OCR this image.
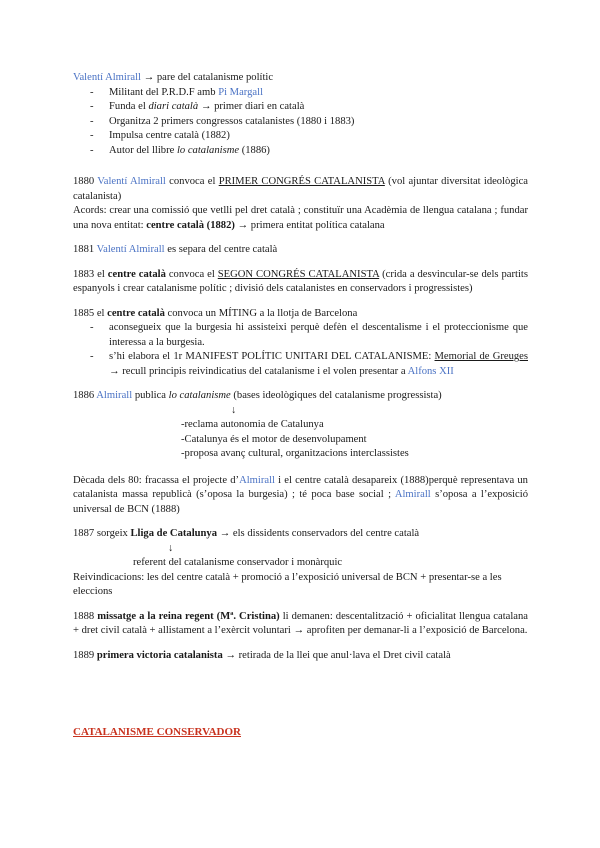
Valentí Almirall → pare del catalanisme polític

- Militant del P.R.D.F amb Pi Margall
- Funda el diari català → primer diari en català
- Organitza 2 primers congressos catalanistes (1880 i 1883)
- Impulsa centre català (1882)
- Autor del llibre lo catalanisme (1886)

1880 Valentí Almirall convoca el PRIMER CONGRÉS CATALANISTA (vol ajuntar diversitat ideològica catalanista)

Acords: crear una comissió que vetlli pel dret català ; constituïr una Acadèmia de llengua catalana ; fundar una nova entitat: centre català (1882) → primera entitat política catalana

1881 Valentí Almirall es separa del centre català

1883 el centre català convoca el SEGON CONGRÉS CATALANISTA (crida a desvincular-se dels partits espanyols i crear catalanisme polític ; divisió dels catalanistes en conservadors i progressistes)

1885 el centre català convoca un MÍTING a la llotja de Barcelona

- aconsegueix que la burgesia hi assisteixi perquè defèn el descentalisme i el proteccionisme que interessa a la burgesia.
- s’hi elabora el 1r MANIFEST POLÍTIC UNITARI DEL CATALANISME: Memorial de Greuges → recull principis reivindicatius del catalanisme i el volen presentar a Alfons XII

1886 Almirall publica lo catalanisme (bases ideològiques del catalanisme progressista)

↓

-reclama autonomia de Catalunya

-Catalunya és el motor de desenvolupament

-proposa avanç cultural, organitzacions interclassistes

Dècada dels 80: fracassa el projecte d’Almirall i el centre català desapareix (1888)perquè representava un catalanista massa republicà (s’oposa la burgesia) ; té poca base social ; Almirall s’oposa a l’exposició universal de BCN (1888)

1887 sorgeix Lliga de Catalunya → els dissidents conservadors del centre català

↓

referent del catalanisme conservador i monàrquic

Reivindicacions: les del centre català + promoció a l’exposició universal de BCN + presentar-se a les eleccions

1888 missatge a la reina regent (Mª. Cristina) li demanen: descentalització + oficialitat llengua catalana + dret civil català + allistament a l’exèrcit voluntari → aprofiten per demanar-li a l’exposició de Barcelona.

1889 primera victoria catalanista → retirada de la llei que anul·lava el Dret civil català

CATALANISME CONSERVADOR
